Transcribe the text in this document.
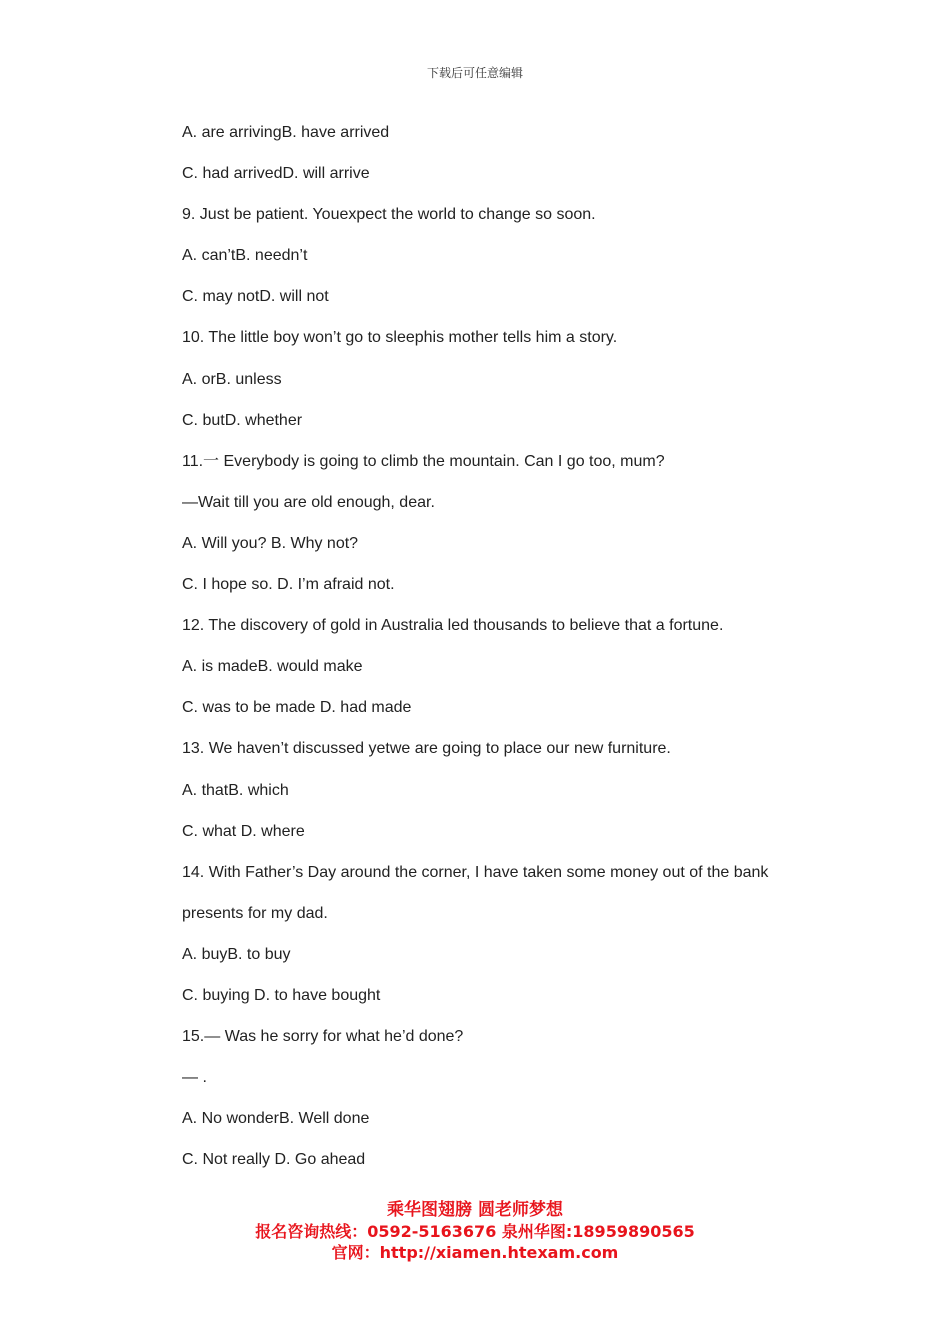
下载后可任意编辑
A. are arrivingB. have arrived
C. had arrivedD. will arrive
9. Just be patient. Youexpect the world to change so soon.
A. can’tB. needn’t
C. may notD. will not
10. The little boy won’t go to sleephis mother tells him a story.
A. orB. unless
C. butD. whether
11.一 Everybody is going to climb the mountain. Can I go too, mum?
—Wait till you are old enough, dear.
A. Will you? B. Why not?
C. I hope so. D. I’m afraid not.
12. The discovery of gold in Australia led thousands to believe that a fortune.
A. is madeB. would make
C. was to be made D. had made
13. We haven’t discussed yetwe are going to place our new furniture.
A. thatB. which
C. what D. where
14. With Father’s Day around the corner, I have taken some money out of the bank
presents for my dad.
A. buyB. to buy
C. buying D. to have bought
15.— Was he sorry for what he’d done?
— .
A. No wonderB. Well done
C. Not really D. Go ahead
乘华图翅膀 圆老师梦想
报名咨询热线：0592-5163676 泉州华图:18959890565
官网：http://xiamen.htexam.com
